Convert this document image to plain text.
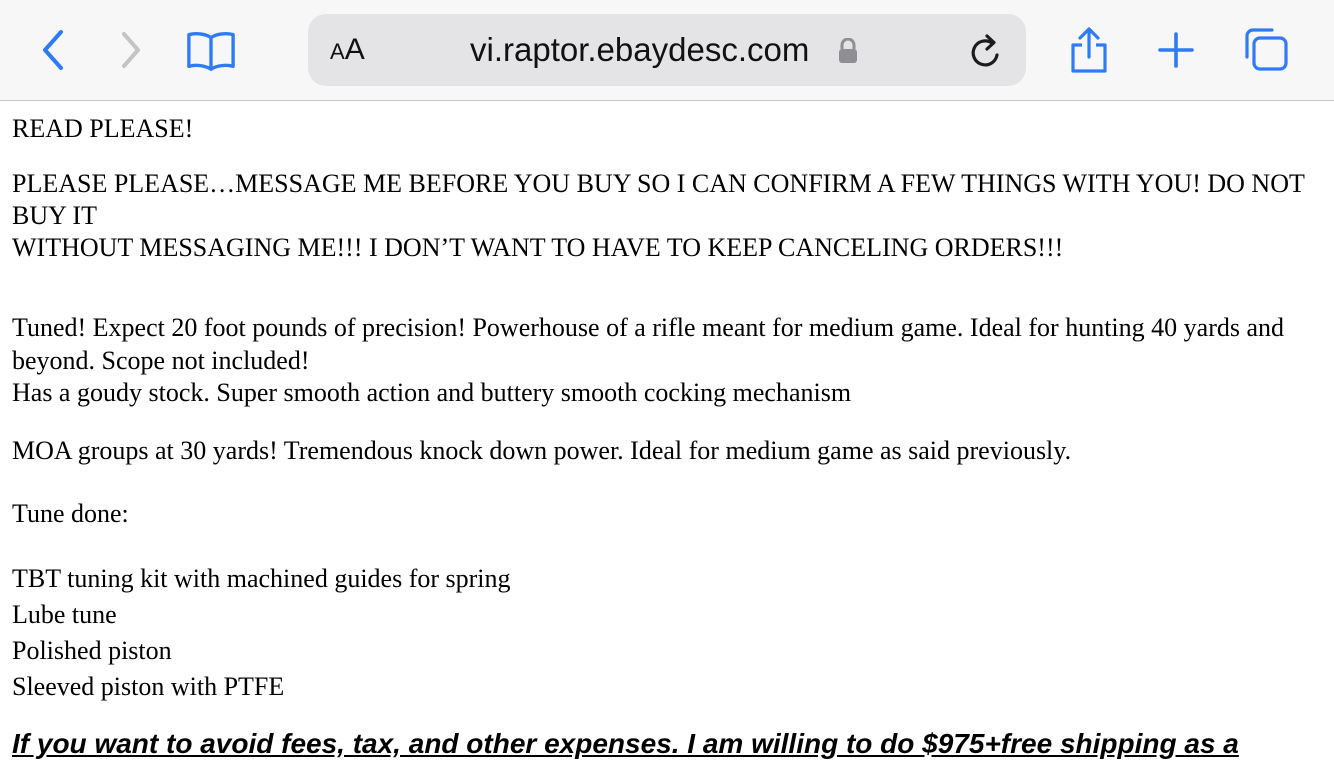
AA	vi.raptor.ebaydesc.com

READ PLEASE!

PLEASE PLEASE…MESSAGE ME BEFORE YOU BUY SO I CAN CONFIRM A FEW THINGS WITH YOU! DO NOT BUY IT
WITHOUT MESSAGING ME!!! I DON’T WANT TO HAVE TO KEEP CANCELING ORDERS!!!

Tuned! Expect 20 foot pounds of precision! Powerhouse of a rifle meant for medium game. Ideal for hunting 40 yards and beyond. Scope not included!
Has a goudy stock. Super smooth action and buttery smooth cocking mechanism

MOA groups at 30 yards! Tremendous knock down power. Ideal for medium game as said previously.

Tune done:

TBT tuning kit with machined guides for spring
Lube tune
Polished piston
Sleeved piston with PTFE

If you want to avoid fees, tax, and other expenses. I am willing to do $975+free shipping as a
